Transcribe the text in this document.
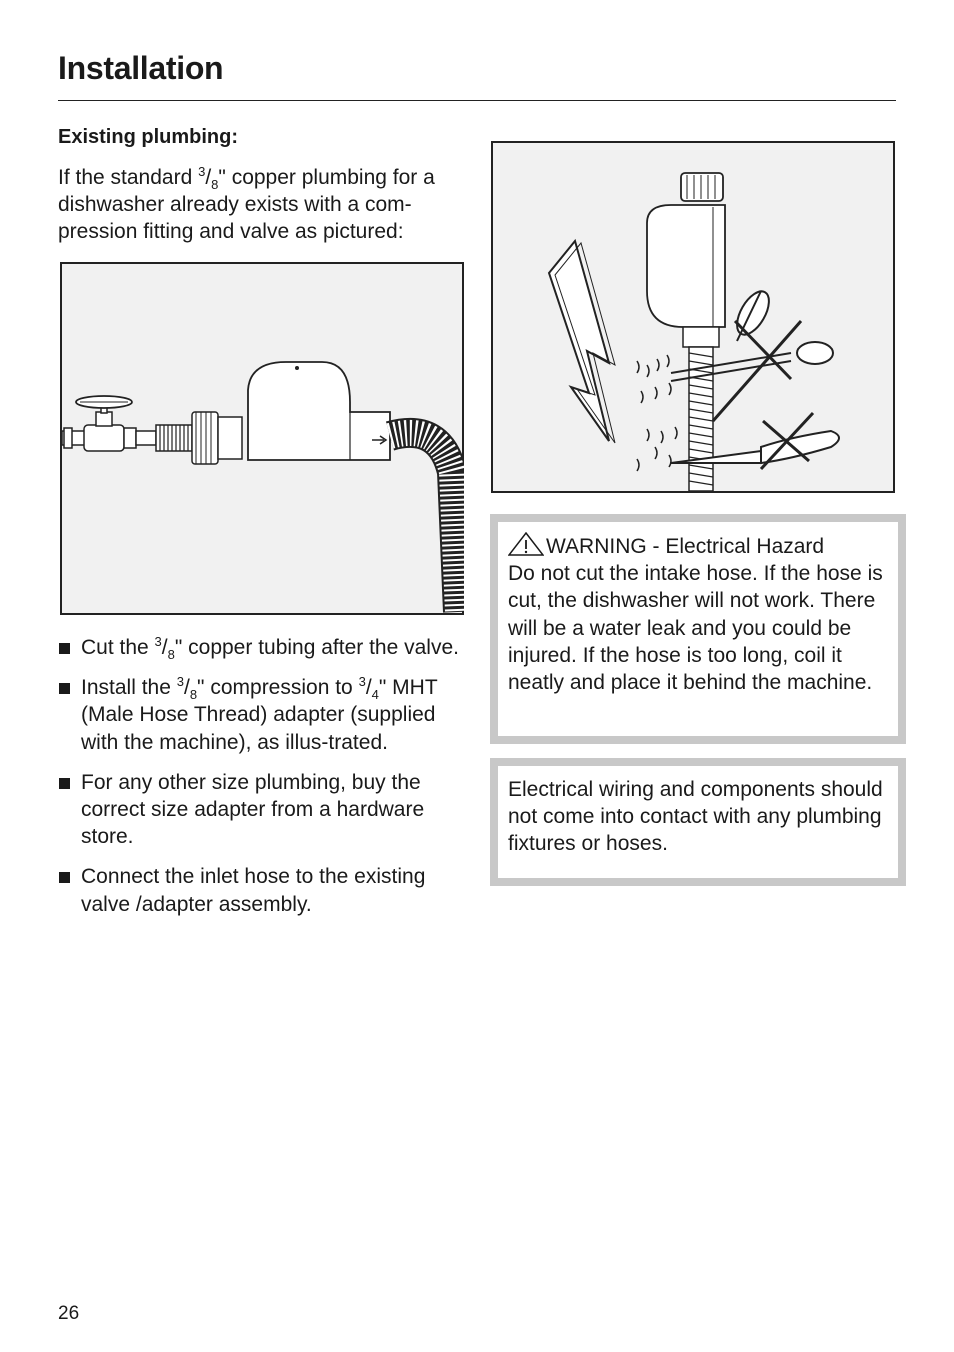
Installation
Existing plumbing:
If the standard $^3/_8$" copper plumbing for a dishwasher already exists with a com-pression fitting and valve as pictured:
Cut the $^3/_8$" copper tubing after the valve.
Install the $^3/_8$" compression to $^3/_4$" MHT (Male Hose Thread) adapter (supplied with the machine), as illus-trated.
For any other size plumbing, buy the correct size adapter from a hardware store.
Connect the inlet hose to the existing valve /adapter assembly.
WARNING - Electrical Hazard
Do not cut the intake hose. If the hose is cut, the dishwasher will not work. There will be a water leak and you could be injured. If the hose is too long, coil it neatly and place it behind the machine.
Electrical wiring and components should not come into contact with any plumbing fixtures or hoses.
26
